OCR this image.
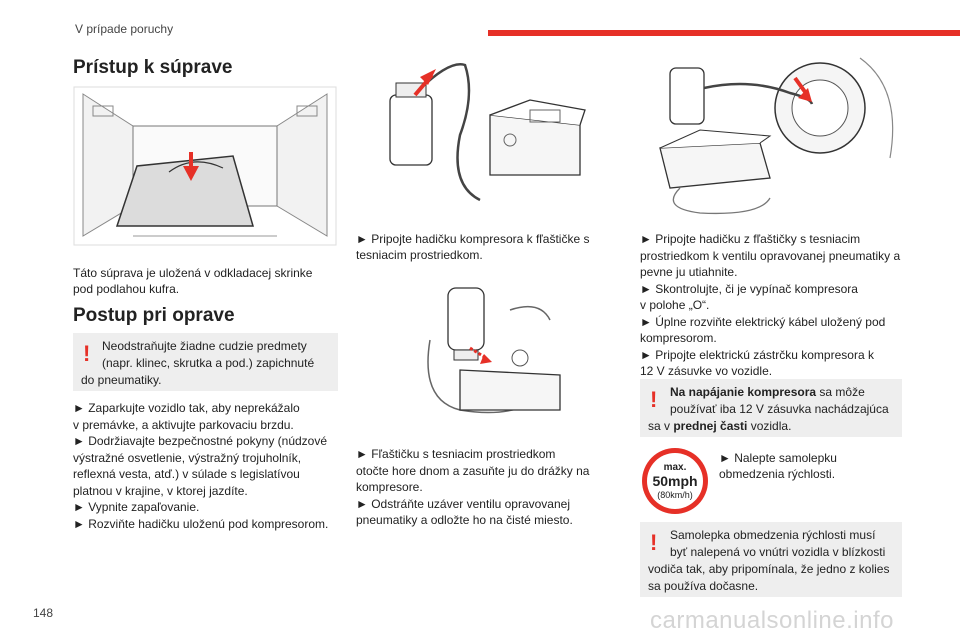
V prípade poruchy
Prístup k súprave
Táto súprava je uložená v odkladacej skrinke
pod podlahou kufra.
Postup pri oprave
! Neodstraňujte žiadne cudzie predmety
(napr. klinec, skrutka a pod.) zapichnuté
do pneumatiky.
► Zaparkujte vozidlo tak, aby neprekážalo
v premávke, a aktivujte parkovaciu brzdu.
► Dodržiavajte bezpečnostné pokyny (núdzové
výstražné osvetlenie, výstražný trojuholník,
reflexná vesta, atď.) v súlade s legislatívou
platnou v krajine, v ktorej jazdíte.
► Vypnite zapaľovanie.
► Rozviňte hadičku uloženú pod kompresorom.
► Pripojte hadičku kompresora k fľaštičke s
tesniacim prostriedkom.
► Fľaštičku s tesniacim prostriedkom
otočte hore dnom a zasuňte ju do drážky na
kompresore.
► Odstráňte uzáver ventilu opravovanej
pneumatiky a odložte ho na čisté miesto.
► Pripojte hadičku z fľaštičky s tesniacim
prostriedkom k ventilu opravovanej pneumatiky a
pevne ju utiahnite.
► Skontrolujte, či je vypínač kompresora
v polohe „O“.
► Úplne rozviňte elektrický kábel uložený pod
kompresorom.
► Pripojte elektrickú zástrčku kompresora k
12 V zásuvke vo vozidle.
! Na napájanie kompresora sa môže
používať iba 12 V zásuvka nachádzajúca
sa v prednej časti vozidla.
max.
50mph
(80km/h)
► Nalepte samolepku
obmedzenia rýchlosti.
! Samolepka obmedzenia rýchlosti musí
byť nalepená vo vnútri vozidla v blízkosti
vodiča tak, aby pripomínala, že jedno z kolies
sa používa dočasne.
148	carmanualsonline.info
